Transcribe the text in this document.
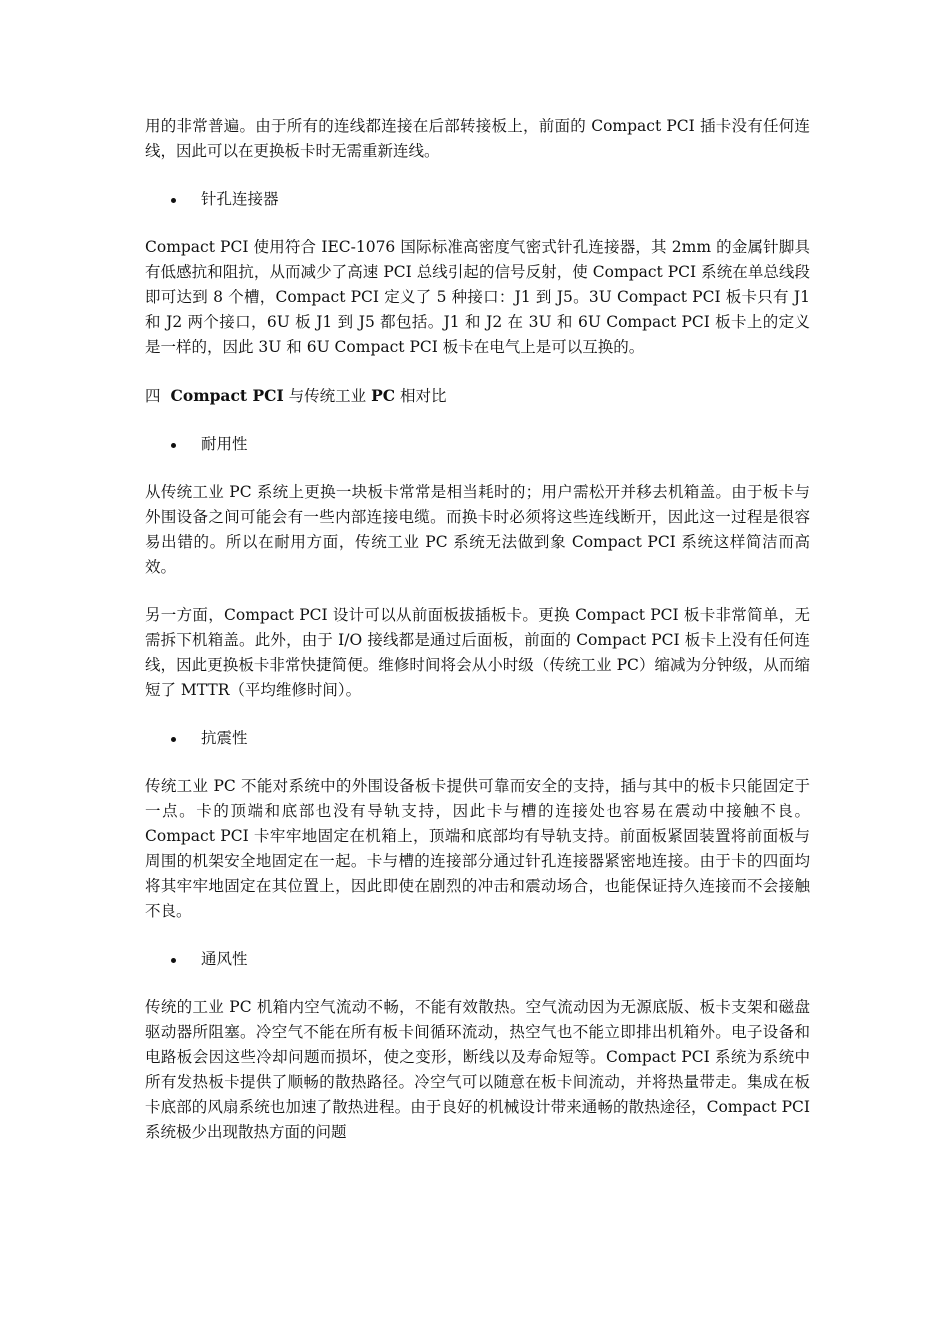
用的非常普遍。由于所有的连线都连接在后部转接板上，前面的 Compact PCI 插卡没有任何连线，因此可以在更换板卡时无需重新连线。

针孔连接器

Compact PCI 使用符合 IEC-1076 国际标准高密度气密式针孔连接器，其 2mm 的金属针脚具有低感抗和阻抗，从而减少了高速 PCI 总线引起的信号反射，使 Compact PCI 系统在单总线段即可达到 8 个槽，Compact PCI 定义了 5 种接口：J1 到 J5。3U Compact PCI 板卡只有 J1 和 J2 两个接口，6U 板 J1 到 J5 都包括。J1 和 J2 在 3U 和 6U Compact PCI 板卡上的定义是一样的，因此 3U 和 6U Compact PCI 板卡在电气上是可以互换的。

四 Compact PCI 与传统工业 PC 相对比
耐用性

从传统工业 PC 系统上更换一块板卡常常是相当耗时的；用户需松开并移去机箱盖。由于板卡与外围设备之间可能会有一些内部连接电缆。而换卡时必须将这些连线断开，因此这一过程是很容易出错的。所以在耐用方面，传统工业 PC 系统无法做到象 Compact PCI 系统这样简洁而高效。

另一方面，Compact PCI 设计可以从前面板拔插板卡。更换 Compact PCI 板卡非常简单，无需拆下机箱盖。此外，由于 I/O 接线都是通过后面板，前面的 Compact PCI 板卡上没有任何连线，因此更换板卡非常快捷简便。维修时间将会从小时级（传统工业 PC）缩减为分钟级，从而缩短了 MTTR（平均维修时间）。

抗震性

传统工业 PC 不能对系统中的外围设备板卡提供可靠而安全的支持，插与其中的板卡只能固定于一点。卡的顶端和底部也没有导轨支持，因此卡与槽的连接处也容易在震动中接触不良。Compact PCI 卡牢牢地固定在机箱上，顶端和底部均有导轨支持。前面板紧固装置将前面板与周围的机架安全地固定在一起。卡与槽的连接部分通过针孔连接器紧密地连接。由于卡的四面均将其牢牢地固定在其位置上，因此即使在剧烈的冲击和震动场合，也能保证持久连接而不会接触不良。

通风性

传统的工业 PC 机箱内空气流动不畅，不能有效散热。空气流动因为无源底版、板卡支架和磁盘驱动器所阻塞。冷空气不能在所有板卡间循环流动，热空气也不能立即排出机箱外。电子设备和电路板会因这些冷却问题而损坏，使之变形，断线以及寿命短等。Compact PCI 系统为系统中所有发热板卡提供了顺畅的散热路径。冷空气可以随意在板卡间流动，并将热量带走。集成在板卡底部的风扇系统也加速了散热进程。由于良好的机械设计带来通畅的散热途径，Compact PCI 系统极少出现散热方面的问题
